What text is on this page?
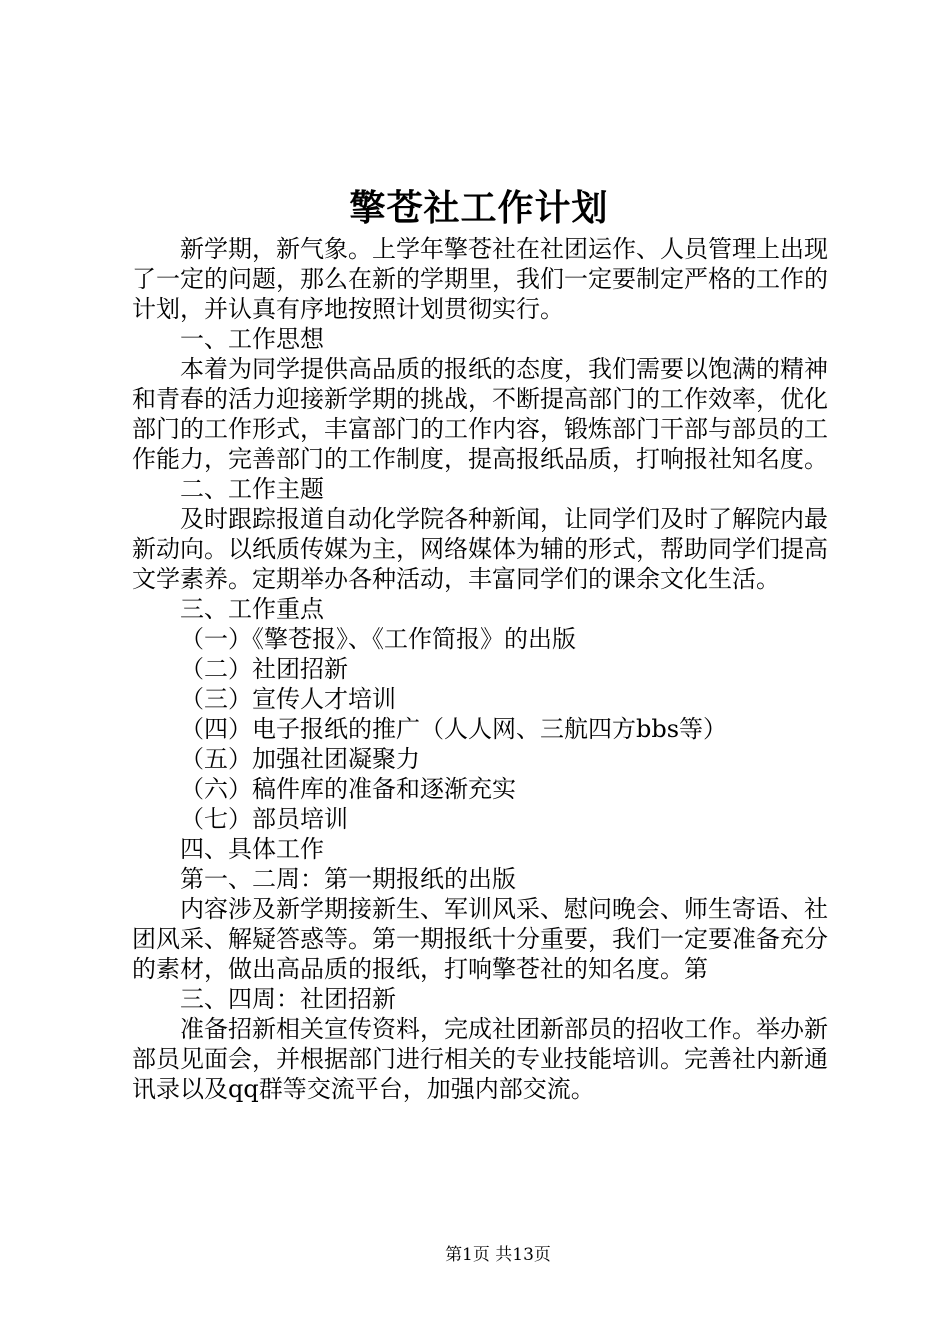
擎苍社工作计划

新学期，新气象。上学年擎苍社在社团运作、人员管理上出现了一定的问题，那么在新的学期里，我们一定要制定严格的工作的计划，并认真有序地按照计划贯彻实行。

一、工作思想

本着为同学提供高品质的报纸的态度，我们需要以饱满的精神和青春的活力迎接新学期的挑战，不断提高部门的工作效率，优化部门的工作形式，丰富部门的工作内容，锻炼部门干部与部员的工作能力，完善部门的工作制度，提高报纸品质，打响报社知名度。

二、工作主题

及时跟踪报道自动化学院各种新闻，让同学们及时了解院内最新动向。以纸质传媒为主，网络媒体为辅的形式，帮助同学们提高文学素养。定期举办各种活动，丰富同学们的课余文化生活。

三、工作重点

（一）《擎苍报》、《工作简报》的出版

（二）社团招新

（三）宣传人才培训

（四）电子报纸的推广（人人网、三航四方bbs等）

（五）加强社团凝聚力

（六）稿件库的准备和逐渐充实

（七）部员培训

四、具体工作

第一、二周：第一期报纸的出版

内容涉及新学期接新生、军训风采、慰问晚会、师生寄语、社团风采、解疑答惑等。第一期报纸十分重要，我们一定要准备充分的素材，做出高品质的报纸，打响擎苍社的知名度。第

三、四周：社团招新

准备招新相关宣传资料，完成社团新部员的招收工作。举办新部员见面会，并根据部门进行相关的专业技能培训。完善社内新通讯录以及qq群等交流平台，加强内部交流。

第1页 共13页
